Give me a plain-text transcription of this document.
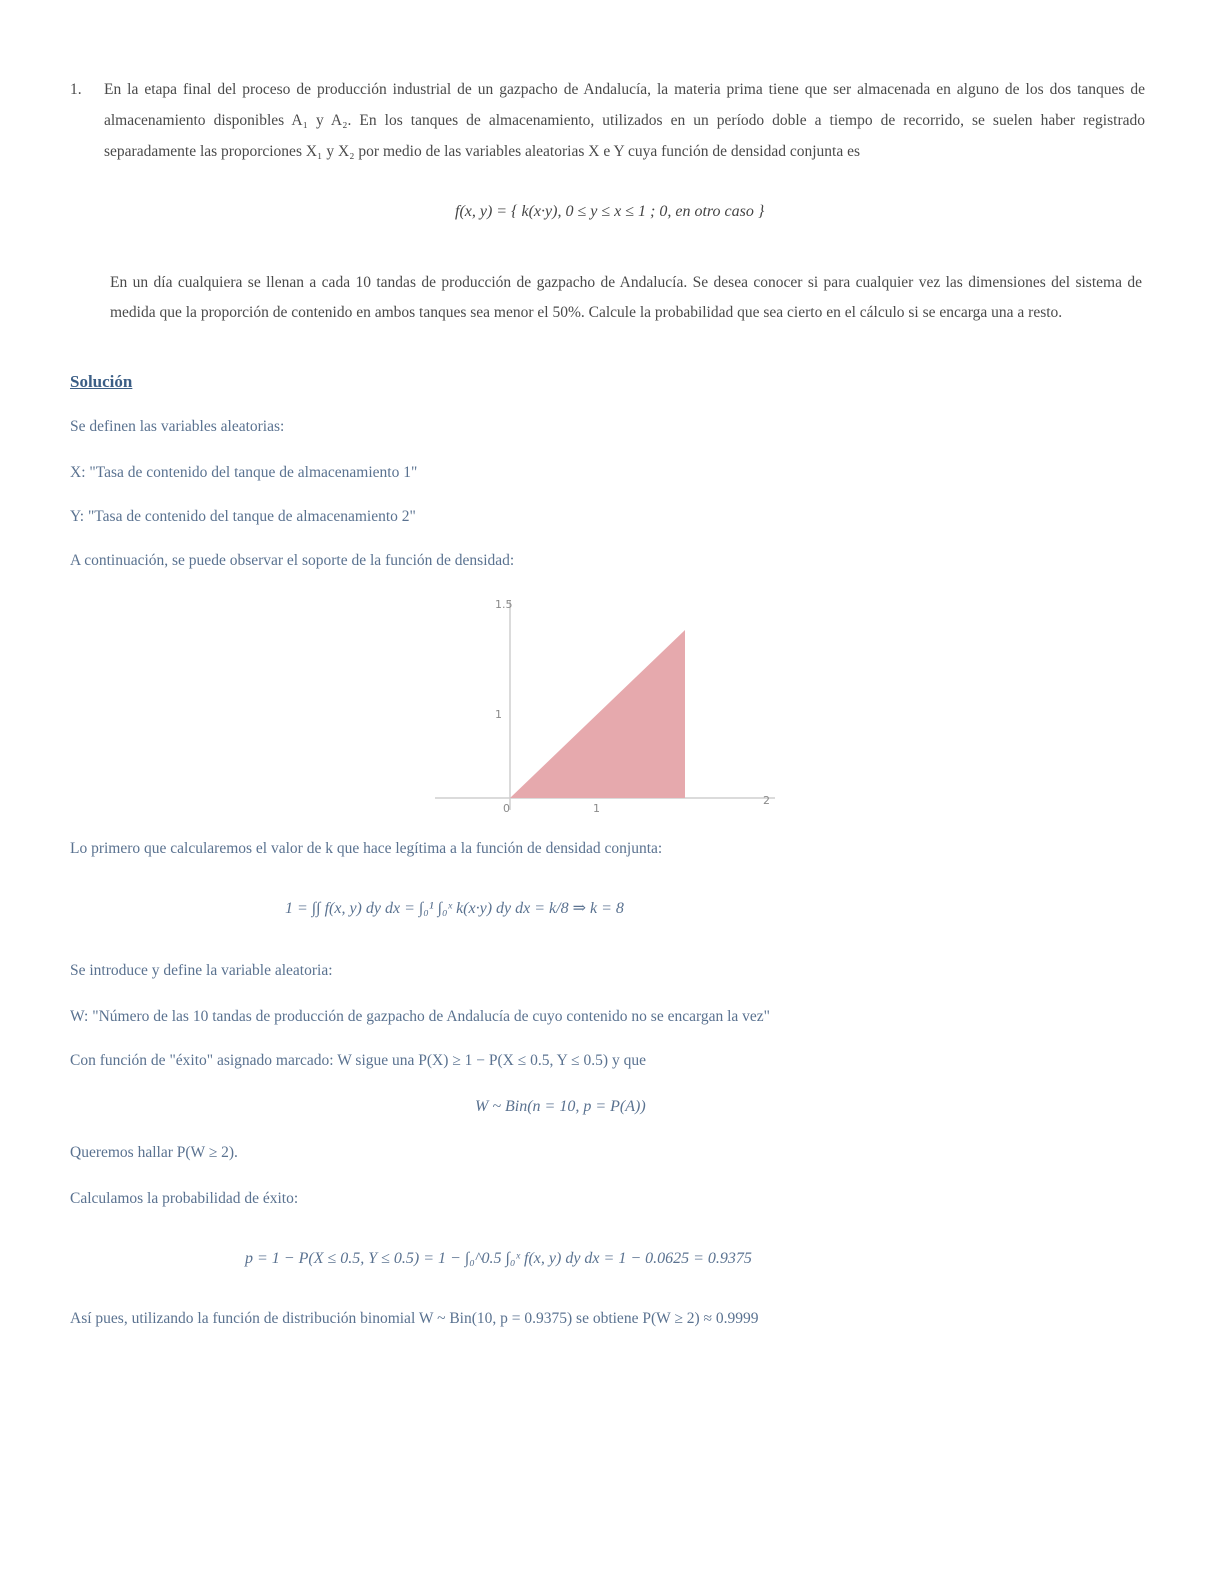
1. En la etapa final del proceso de producción industrial de un gazpacho de Andalucía, la materia prima tiene que ser almacenada en alguno de los dos tanques de almacenamiento disponibles A₁ y A₂. En los tanques de almacenamiento, utilizados en un período doble a tiempo de recorrido, se suelen haber registrado separadamente las proporciones X₁ y X₂ por medio de las variables aleatorias X e Y cuya función de densidad conjunta es
f(x, y) = { k(x·y), 0 ≤ y ≤ x ≤ 1 ; 0, en otro caso }
En un día cualquiera se llenan a cada 10 tandas de producción de gazpacho de Andalucía. Se desea conocer si para cualquier vez las dimensiones del sistema de medida que la proporción de contenido en ambos tanques sea menor el 50%. Calcule la probabilidad que sea cierto en el cálculo si se encarga una a resto.
Solución
Se definen las variables aleatorias:
X: "Tasa de contenido del tanque de almacenamiento 1"
Y: "Tasa de contenido del tanque de almacenamiento 2"
A continuación, se puede observar el soporte de la función de densidad:
1.5
1
0	1
2
Lo primero que calcularemos el valor de k que hace legítima a la función de densidad conjunta:
1 = ∫∫ f(x, y) dy dx = ∫₀¹ ∫₀ˣ k(x·y) dy dx = k/8 ⇒ k = 8
Se introduce y define la variable aleatoria:
W: "Número de las 10 tandas de producción de gazpacho de Andalucía de cuyo contenido no se encargan la vez"
Con función de "éxito" asignado marcado: W sigue una P(X) ≥ 1 − P(X ≤ 0.5, Y ≤ 0.5) y que
W ~ Bin(n = 10, p = P(A))
Queremos hallar P(W ≥ 2).
Calculamos la probabilidad de éxito:
p = 1 − P(X ≤ 0.5, Y ≤ 0.5) = 1 − ∫₀^0.5 ∫₀ˣ f(x, y) dy dx = 1 − 0.0625 = 0.9375
Así pues, utilizando la función de distribución binomial W ~ Bin(10, p = 0.9375) se obtiene P(W ≥ 2) ≈ 0.9999
